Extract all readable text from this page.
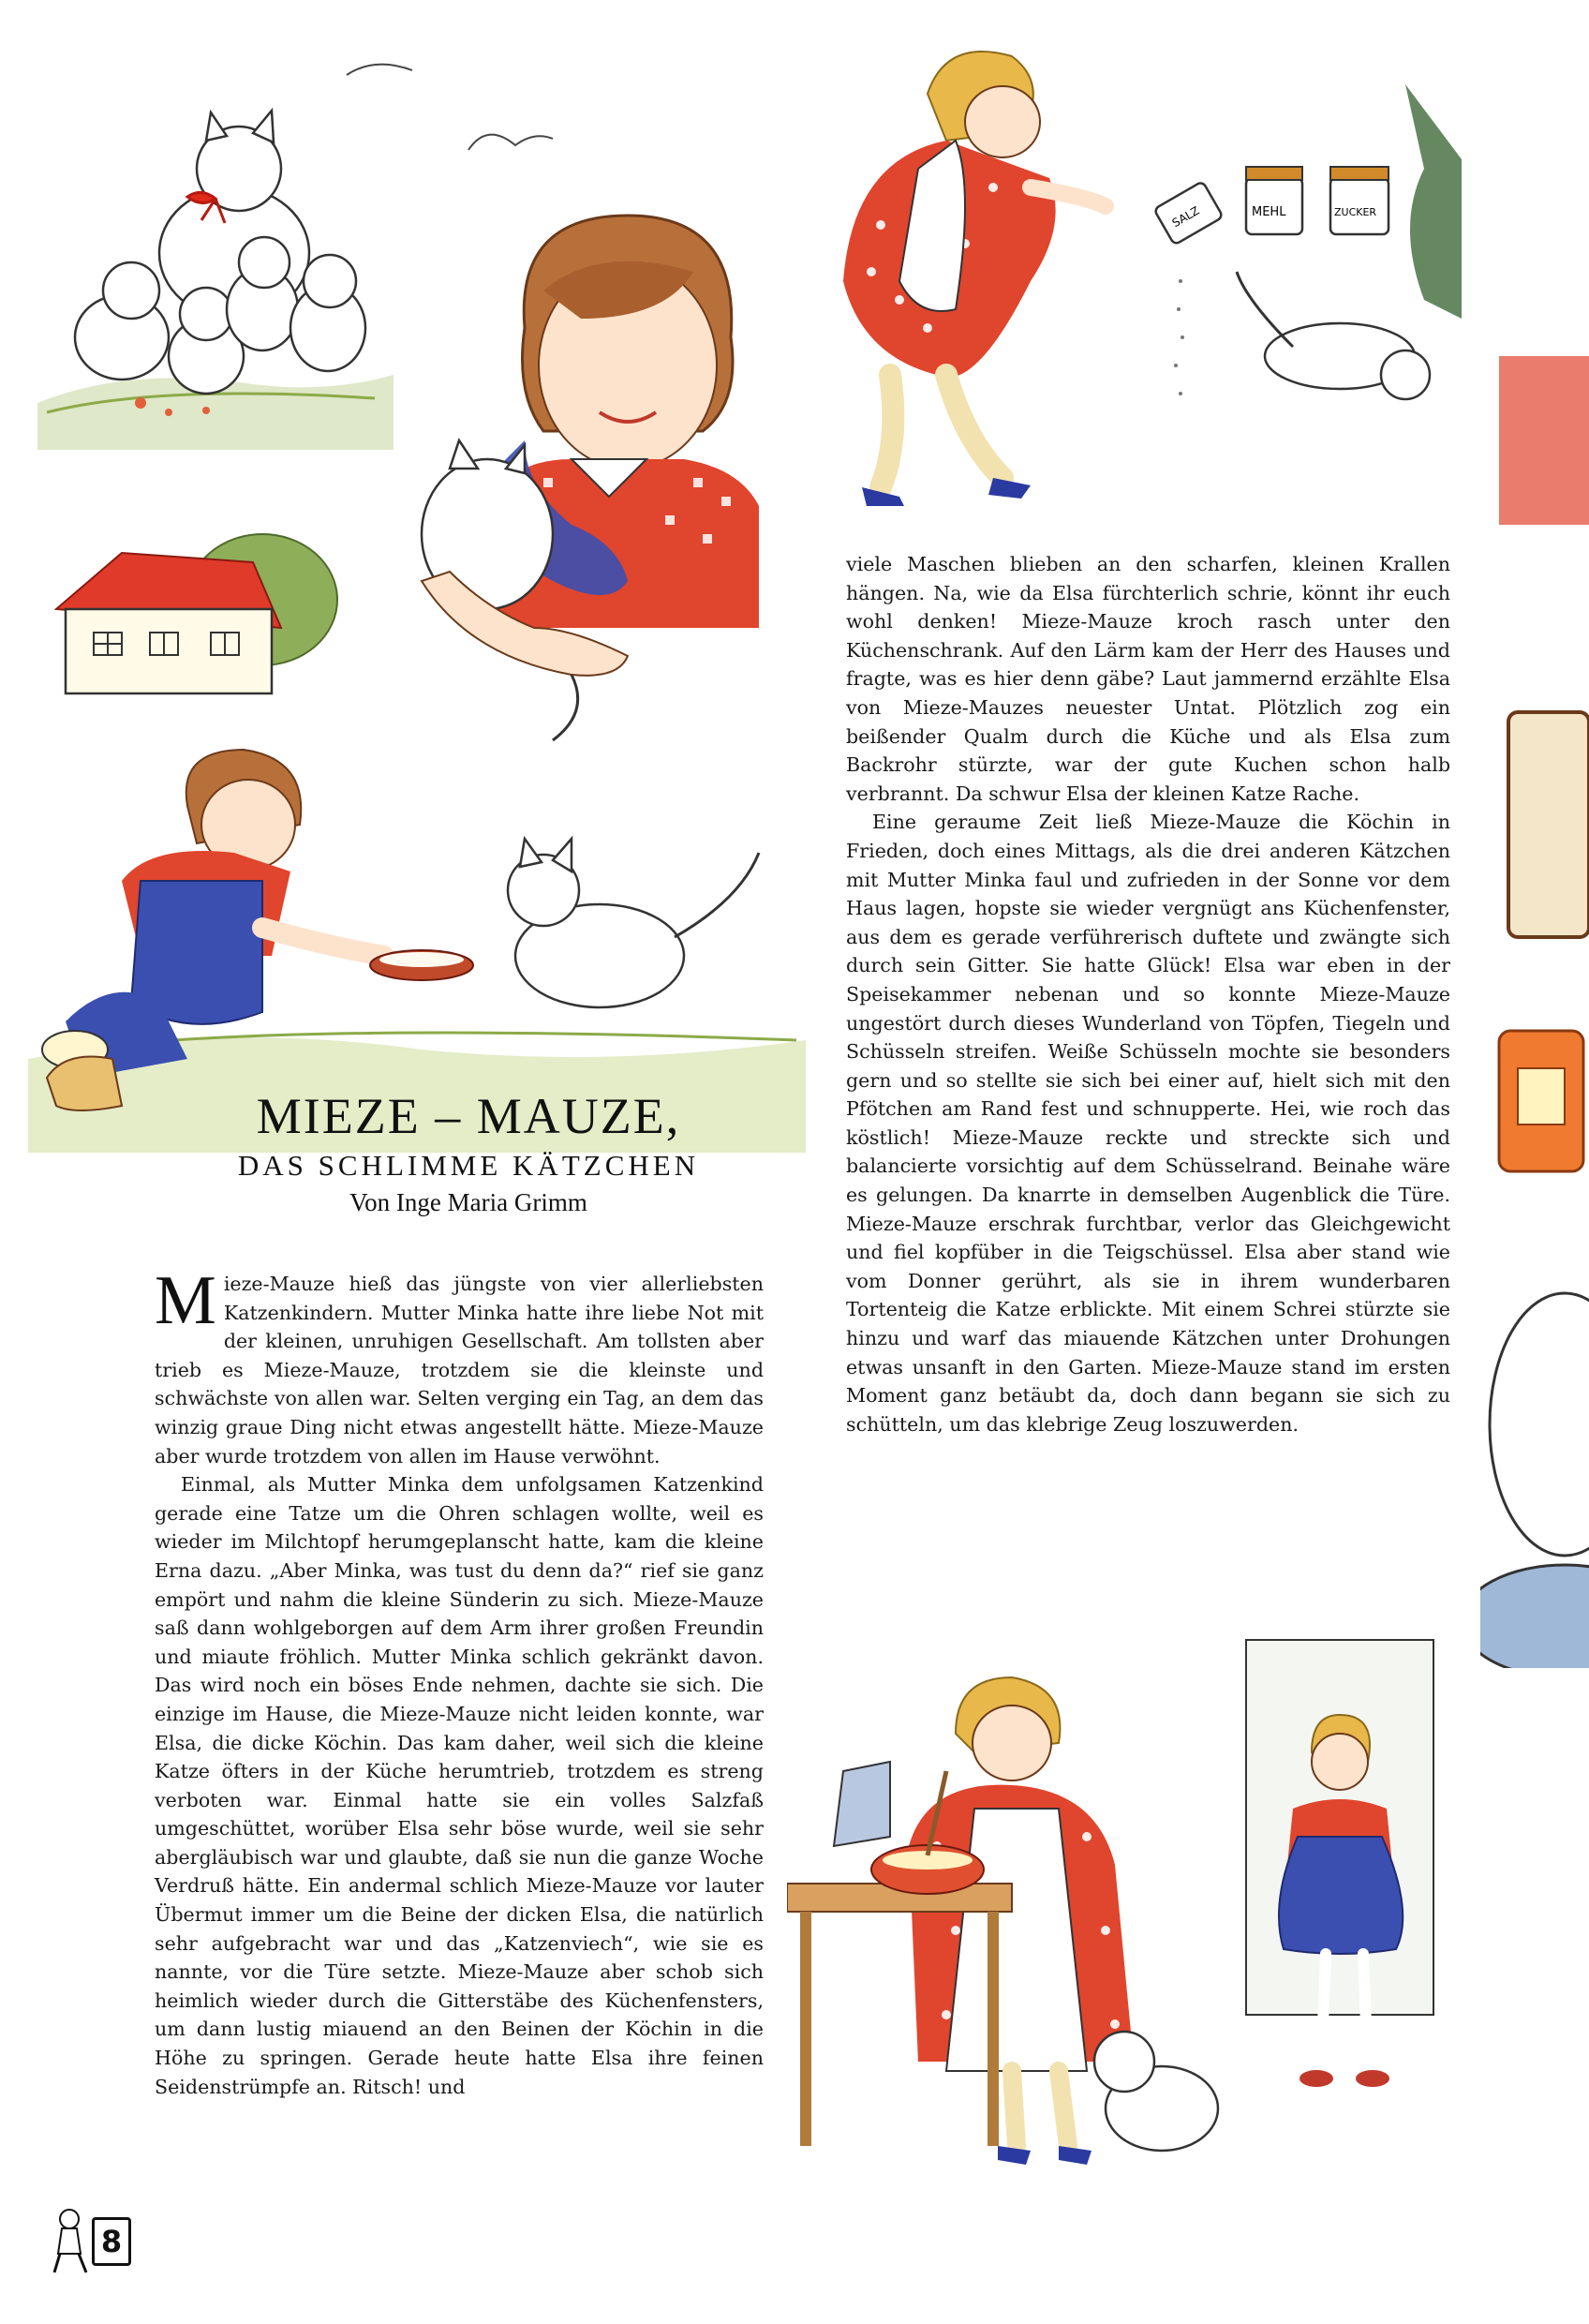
SALZ	MEHL	ZUCKER
MIEZE – MAUZE,
DAS SCHLIMME KÄTZCHEN
Von Inge Maria Grimm

Mieze-Mauze hieß das jüngste von vier allerliebsten Katzenkindern. Mutter Minka hatte ihre liebe Not mit der kleinen, unruhigen Gesellschaft. Am tollsten aber trieb es Mieze-Mauze, trotzdem sie die kleinste und schwächste von allen war. Selten verging ein Tag, an dem das winzig graue Ding nicht etwas angestellt hätte. Mieze-Mauze aber wurde trotzdem von allen im Hause verwöhnt.

Einmal, als Mutter Minka dem unfolgsamen Katzenkind gerade eine Tatze um die Ohren schlagen wollte, weil es wieder im Milchtopf herumgeplanscht hatte, kam die kleine Erna dazu. „Aber Minka, was tust du denn da?“ rief sie ganz empört und nahm die kleine Sünderin zu sich. Mieze-Mauze saß dann wohlgeborgen auf dem Arm ihrer großen Freundin und miaute fröhlich. Mutter Minka schlich gekränkt davon. Das wird noch ein böses Ende nehmen, dachte sie sich. Die einzige im Hause, die Mieze-Mauze nicht leiden konnte, war Elsa, die dicke Köchin. Das kam daher, weil sich die kleine Katze öfters in der Küche herumtrieb, trotzdem es streng verboten war. Einmal hatte sie ein volles Salzfaß umgeschüttet, worüber Elsa sehr böse wurde, weil sie sehr abergläubisch war und glaubte, daß sie nun die ganze Woche Verdruß hätte. Ein andermal schlich Mieze-Mauze vor lauter Übermut immer um die Beine der dicken Elsa, die natürlich sehr aufgebracht war und das „Katzenviech“, wie sie es nannte, vor die Türe setzte. Mieze-Mauze aber schob sich heimlich wieder durch die Gitterstäbe des Küchenfensters, um dann lustig miauend an den Beinen der Köchin in die Höhe zu springen. Gerade heute hatte Elsa ihre feinen Seidenstrümpfe an. Ritsch! und

viele Maschen blieben an den scharfen, kleinen Krallen hängen. Na, wie da Elsa fürchterlich schrie, könnt ihr euch wohl denken! Mieze-Mauze kroch rasch unter den Küchenschrank. Auf den Lärm kam der Herr des Hauses und fragte, was es hier denn gäbe? Laut jammernd erzählte Elsa von Mieze-Mauzes neuester Untat. Plötzlich zog ein beißender Qualm durch die Küche und als Elsa zum Backrohr stürzte, war der gute Kuchen schon halb verbrannt. Da schwur Elsa der kleinen Katze Rache.

Eine geraume Zeit ließ Mieze-Mauze die Köchin in Frieden, doch eines Mittags, als die drei anderen Kätzchen mit Mutter Minka faul und zufrieden in der Sonne vor dem Haus lagen, hopste sie wieder vergnügt ans Küchenfenster, aus dem es gerade verführerisch duftete und zwängte sich durch sein Gitter. Sie hatte Glück! Elsa war eben in der Speisekammer nebenan und so konnte Mieze-Mauze ungestört durch dieses Wunderland von Töpfen, Tiegeln und Schüsseln streifen. Weiße Schüsseln mochte sie besonders gern und so stellte sie sich bei einer auf, hielt sich mit den Pfötchen am Rand fest und schnupperte. Hei, wie roch das köstlich! Mieze-Mauze reckte und streckte sich und balancierte vorsichtig auf dem Schüsselrand. Beinahe wäre es gelungen. Da knarrte in demselben Augenblick die Türe. Mieze-Mauze erschrak furchtbar, verlor das Gleichgewicht und fiel kopfüber in die Teigschüssel. Elsa aber stand wie vom Donner gerührt, als sie in ihrem wunderbaren Tortenteig die Katze erblickte. Mit einem Schrei stürzte sie hinzu und warf das miauende Kätzchen unter Drohungen etwas unsanft in den Garten. Mieze-Mauze stand im ersten Moment ganz betäubt da, doch dann begann sie sich zu schütteln, um das klebrige Zeug loszuwerden.

8
